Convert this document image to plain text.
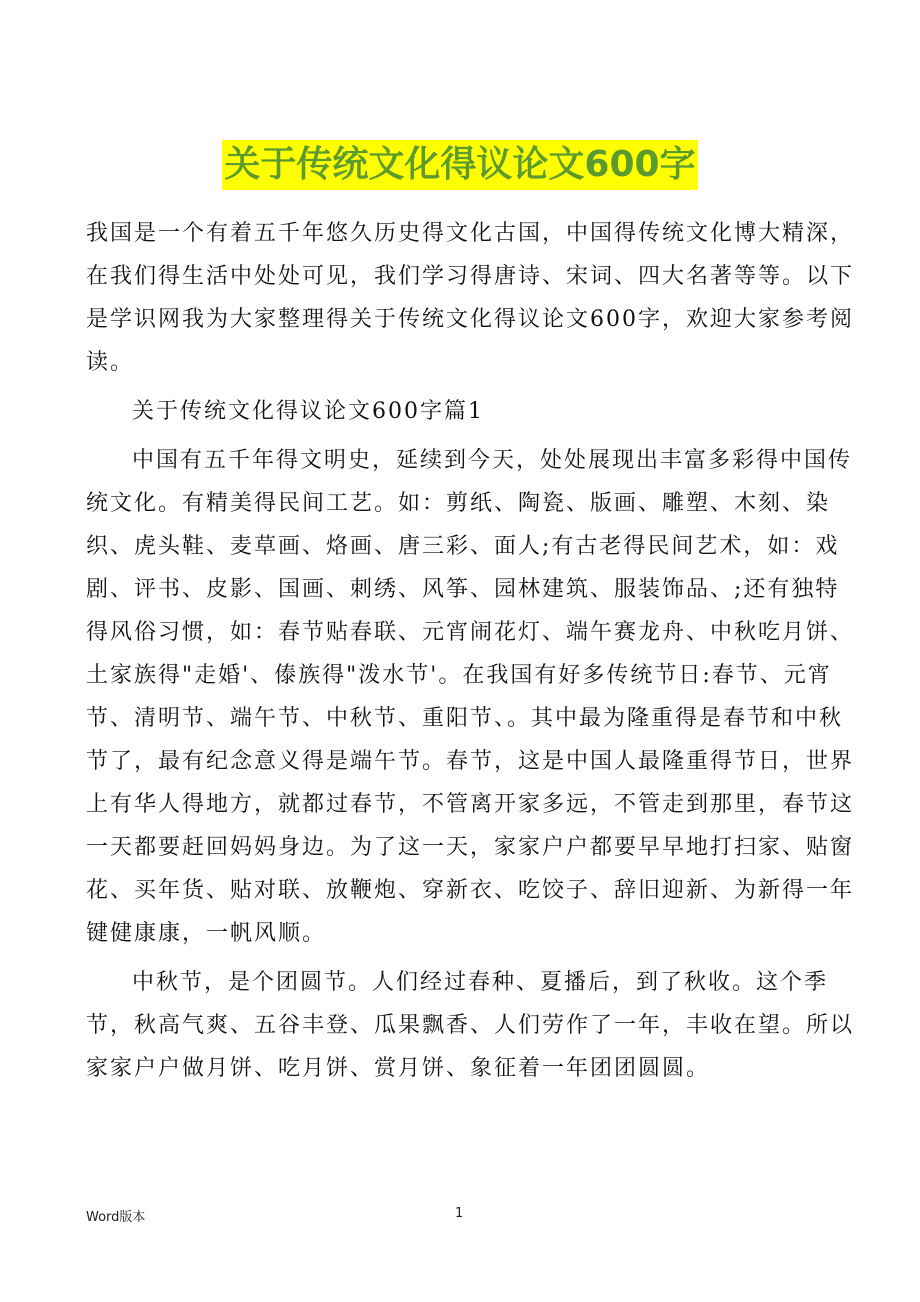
关于传统文化得议论文600字

我国是一个有着五千年悠久历史得文化古国，中国得传统文化博大精深，在我们得生活中处处可见，我们学习得唐诗、宋词、四大名著等等。以下是学识网我为大家整理得关于传统文化得议论文600字，欢迎大家参考阅读。

关于传统文化得议论文600字篇1

中国有五千年得文明史，延续到今天，处处展现出丰富多彩得中国传统文化。有精美得民间工艺。如：剪纸、陶瓷、版画、雕塑、木刻、染织、虎头鞋、麦草画、烙画、唐三彩、面人;有古老得民间艺术，如：戏剧、评书、皮影、国画、刺绣、风筝、园林建筑、服装饰品、;还有独特得风俗习惯，如：春节贴春联、元宵闹花灯、端午赛龙舟、中秋吃月饼、土家族得"走婚'、傣族得"泼水节'。在我国有好多传统节日:春节、元宵节、清明节、端午节、中秋节、重阳节、。其中最为隆重得是春节和中秋节了，最有纪念意义得是端午节。春节，这是中国人最隆重得节日，世界上有华人得地方，就都过春节，不管离开家多远，不管走到那里，春节这一天都要赶回妈妈身边。为了这一天，家家户户都要早早地打扫家、贴窗花、买年货、贴对联、放鞭炮、穿新衣、吃饺子、辞旧迎新、为新得一年键健康康，一帆风顺。

中秋节，是个团圆节。人们经过春种、夏播后，到了秋收。这个季节，秋高气爽、五谷丰登、瓜果飘香、人们劳作了一年，丰收在望。所以家家户户做月饼、吃月饼、赏月饼、象征着一年团团圆圆。

Word版本	1
